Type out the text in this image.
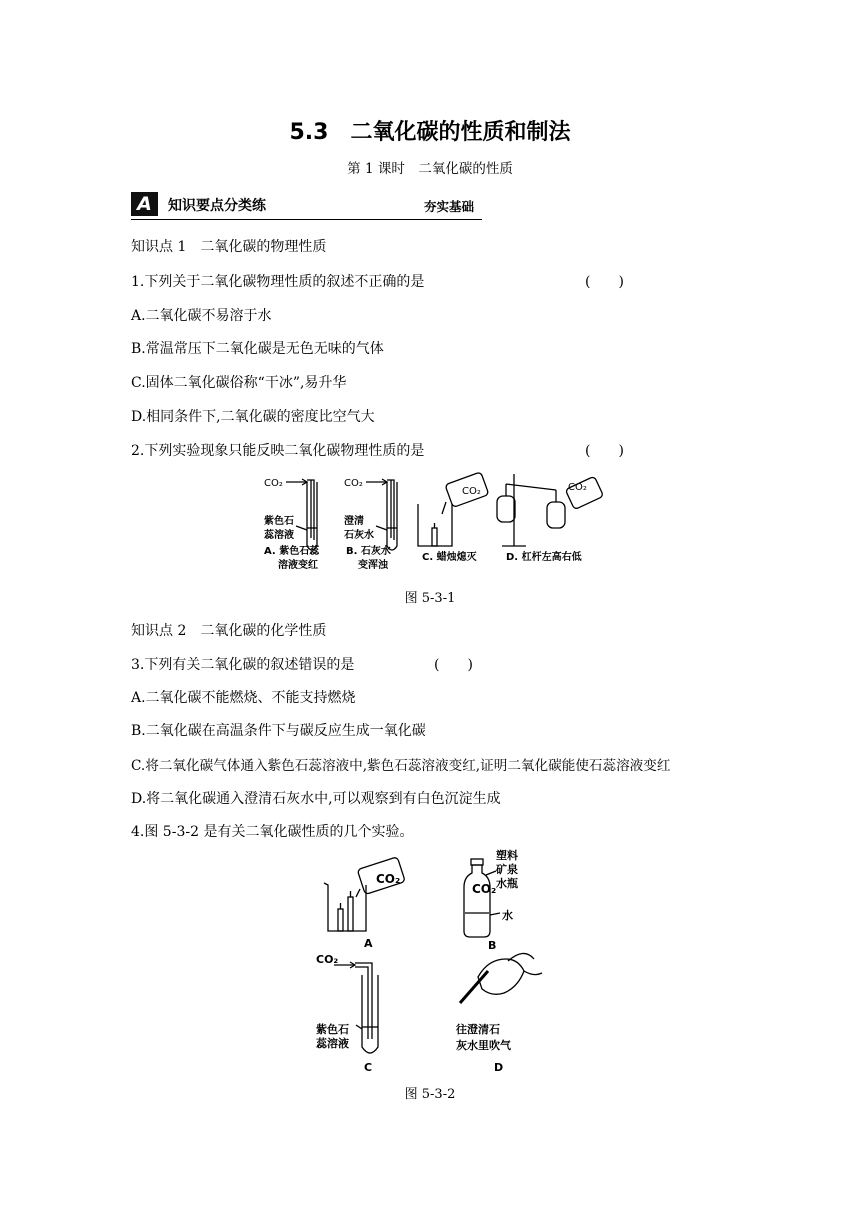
5.3　二氧化碳的性质和制法
第 1 课时　二氧化碳的性质
A	知识要点分类练	夯实基础
知识点 1　二氧化碳的物理性质
1.下列关于二氧化碳物理性质的叙述不正确的是	(　　)
A.二氧化碳不易溶于水
B.常温常压下二氧化碳是无色无味的气体
C.固体二氧化碳俗称“干冰”,易升华
D.相同条件下,二氧化碳的密度比空气大
2.下列实验现象只能反映二氧化碳物理性质的是	(　　)
CO₂	CO₂
CO₂	CO₂
紫色石
蕊溶液
A. 紫色石蕊
溶液变红
澄清
石灰水
B. 石灰水
变浑浊
C. 蜡烛熄灭	D. 杠杆左高右低
图 5-3-1
知识点 2　二氧化碳的化学性质
3.下列有关二氧化碳的叙述错误的是	(　　)
A.二氧化碳不能燃烧、不能支持燃烧
B.二氧化碳在高温条件下与碳反应生成一氧化碳
C.将二氧化碳气体通入紫色石蕊溶液中,紫色石蕊溶液变红,证明二氧化碳能使石蕊溶液变红
D.将二氧化碳通入澄清石灰水中,可以观察到有白色沉淀生成
4.图 5-3-2 是有关二氧化碳性质的几个实验。
CO₂
CO₂
CO₂
塑料
矿泉
水瓶
水
紫色石
蕊溶液
往澄清石
灰水里吹气
A	B
C	D
图 5-3-2
